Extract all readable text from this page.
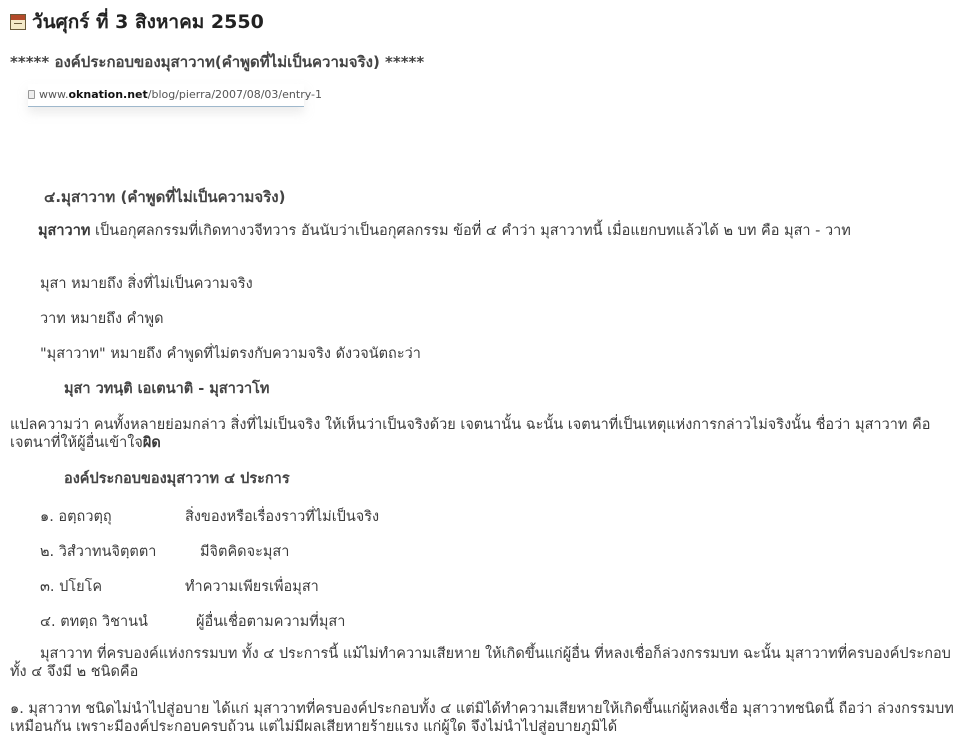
วันศุกร์ ที่ 3 สิงหาคม 2550
***** องค์ประกอบของมุสาวาท(คำพูดที่ไม่เป็นความจริง) *****
www.oknation.net/blog/pierra/2007/08/03/entry-1
๔.มุสาวาท (คำพูดที่ไม่เป็นความจริง)
มุสาวาท เป็นอกุศลกรรมที่เกิดทางวจีทวาร อันนับว่าเป็นอกุศลกรรม ข้อที่ ๔ คำว่า มุสาวาทนี้ เมื่อแยกบทแล้วได้ ๒ บท คือ มุสา - วาท
มุสา หมายถึง สิ่งที่ไม่เป็นความจริง
วาท หมายถึง คำพูด
"มุสาวาท" หมายถึง คำพูดที่ไม่ตรงกับความจริง ดังวจนัตถะว่า
มุสา วทนฺติ เอเตนาติ - มุสาวาโท
แปลความว่า คนทั้งหลายย่อมกล่าว สิ่งที่ไม่เป็นจริง ให้เห็นว่าเป็นจริงด้วย เจตนานั้น ฉะนั้น เจตนาที่เป็นเหตุแห่งการกล่าวไม่จริงนั้น ชื่อว่า มุสาวาท คือเจตนาที่ให้ผู้อื่นเข้าใจผิด
องค์ประกอบของมุสาวาท ๔ ประการ
๑. อตฺถวตฺถุ	สิ่งของหรือเรื่องราวที่ไม่เป็นจริง
๒. วิสํวาทนจิตฺตตา	มีจิตคิดจะมุสา
๓. ปโยโค	ทำความเพียรเพื่อมุสา
๔. ตทตฺถ วิชานนํ	ผู้อื่นเชื่อตามความที่มุสา
มุสาวาท ที่ครบองค์แห่งกรรมบท ทั้ง ๔ ประการนี้ แม้ไม่ทำความเสียหาย ให้เกิดขึ้นแก่ผู้อื่น ที่หลงเชื่อก็ล่วงกรรมบท ฉะนั้น มุสาวาทที่ครบองค์ประกอบทั้ง ๔ จึงมี ๒ ชนิดคือ
๑. มุสาวาท ชนิดไม่นำไปสู่อบาย ได้แก่ มุสาวาทที่ครบองค์ประกอบทั้ง ๔ แต่มิได้ทำความเสียหายให้เกิดขึ้นแก่ผู้หลงเชื่อ มุสาวาทชนิดนี้ ถือว่า ล่วงกรรมบท เหมือนกัน เพราะมีองค์ประกอบครบถ้วน แต่ไม่มีผลเสียหายร้ายแรง แก่ผู้ใด จึงไม่นำไปสู่อบายภูมิได้
